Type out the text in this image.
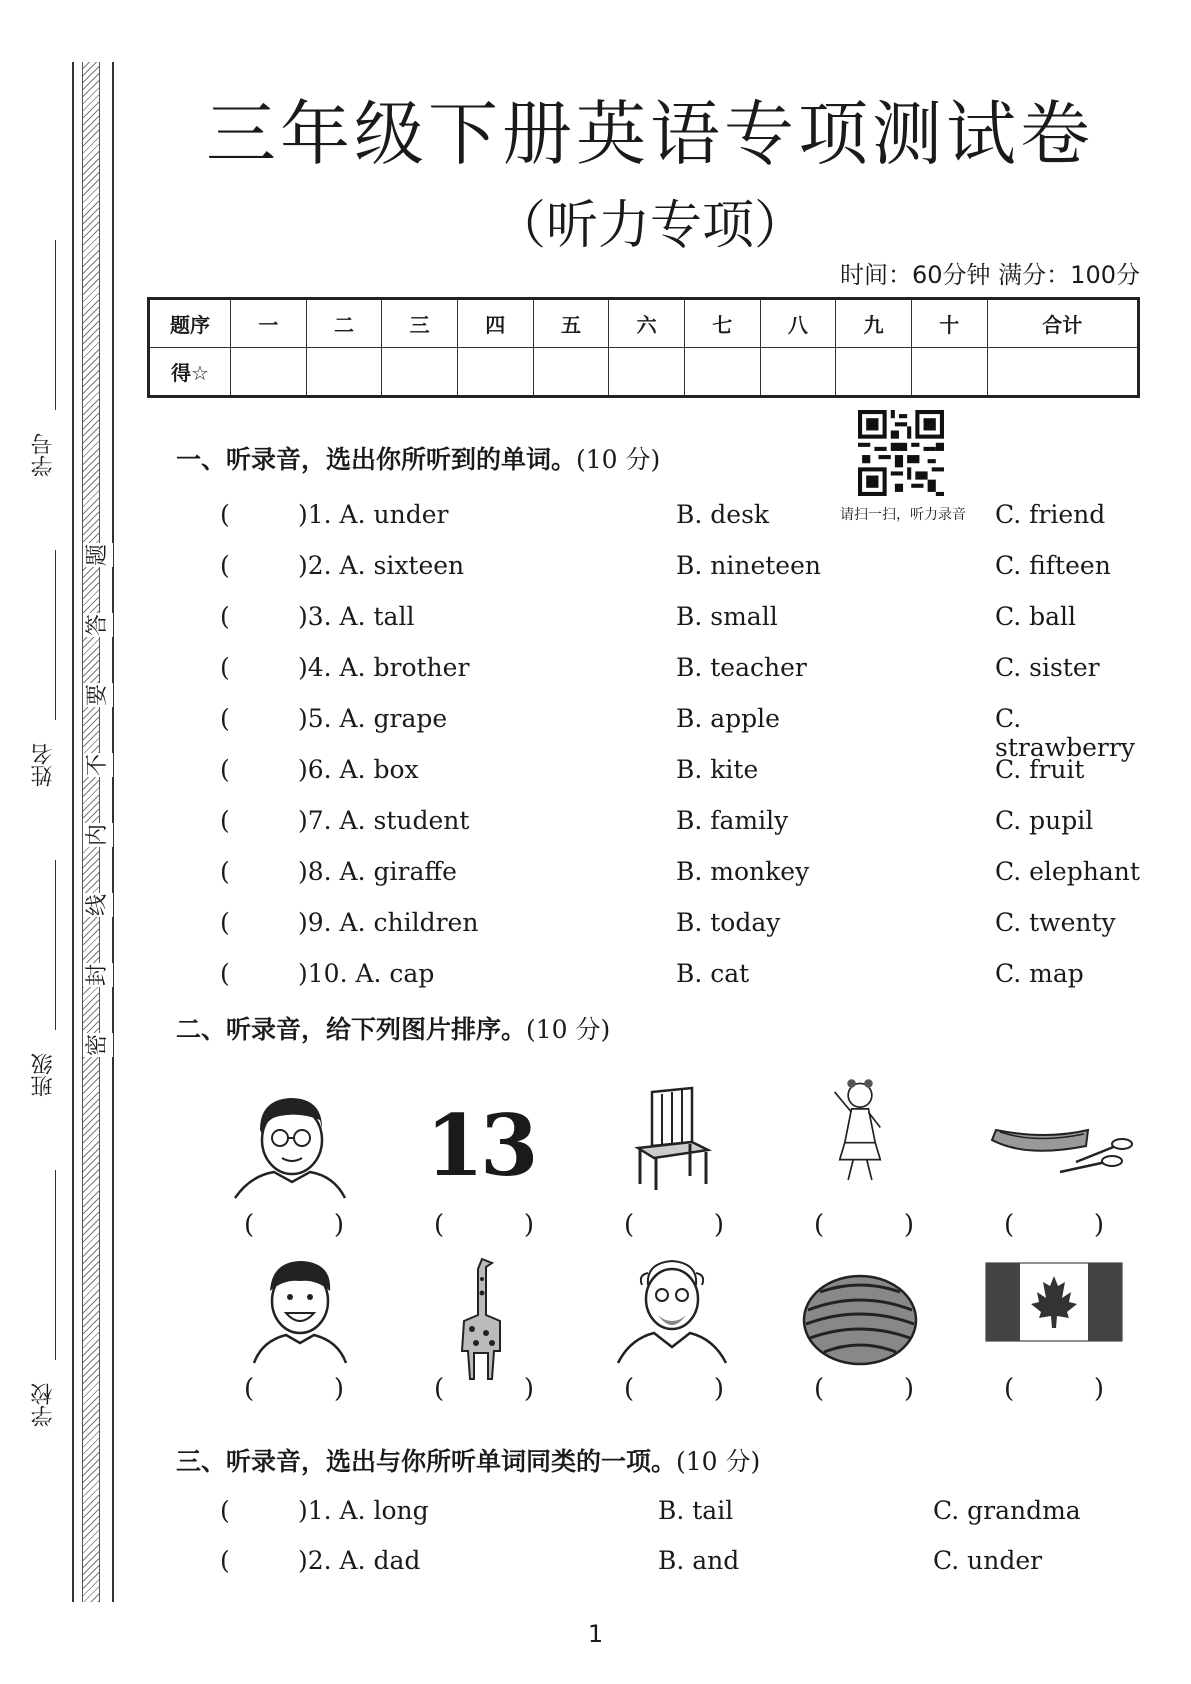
学号
姓名
班级
学校
题
答
要
不
内
线
封
密
三年级下册英语专项测试卷
（听力专项）
时间：60分钟 满分：100分
题序	一	二	三	四	五	六	七	八	九	十	合计
得☆											
请扫一扫，听力录音
一、听录音，选出你所听到的单词。(10 分)
(	)1. A. under	B. desk	C. friend
(	)2. A. sixteen	B. nineteen	C. fifteen
(	)3. A. tall	B. small	C. ball
(	)4. A. brother	B. teacher	C. sister
(	)5. A. grape	B. apple	C. strawberry
(	)6. A. box	B. kite	C. fruit
(	)7. A. student	B. family	C. pupil
(	)8. A. giraffe	B. monkey	C. elephant
(	)9. A. children	B. today	C. twenty
(	)10. A. cap	B. cat	C. map
二、听录音，给下列图片排序。(10 分)
13
(	)	(	)	(	)	(	)	(	)
(	)	(	)	(	)	(	)	(	)
三、听录音，选出与你所听单词同类的一项。(10 分)
(	)1. A. long	B. tail	C. grandma
(	)2. A. dad	B. and	C. under
1
